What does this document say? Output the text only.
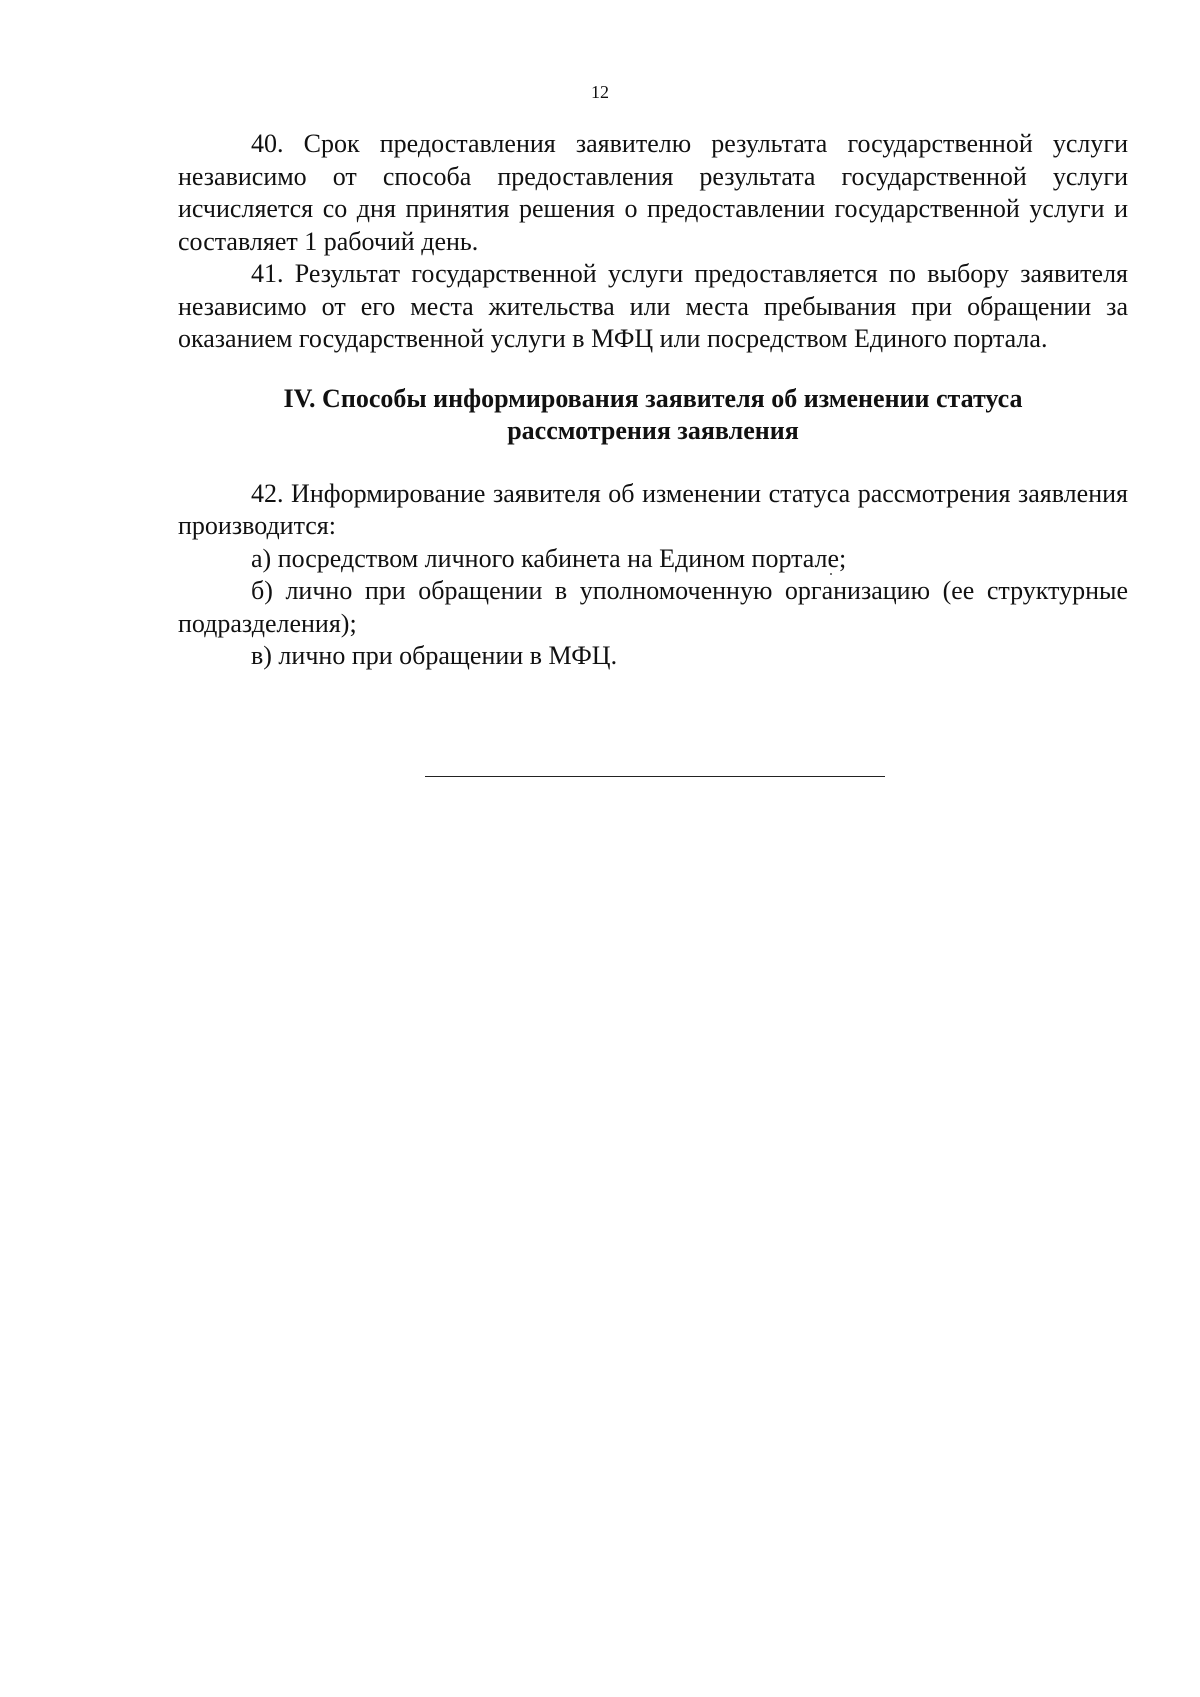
12

40. Срок предоставления заявителю результата государственной услуги независимо от способа предоставления результата государственной услуги исчисляется со дня принятия решения о предоставлении государственной услуги и составляет 1 рабочий день.

41. Результат государственной услуги предоставляется по выбору заявителя независимо от его места жительства или места пребывания при обращении за оказанием государственной услуги в МФЦ или посредством Единого портала.

IV. Способы информирования заявителя об изменении статуса
рассмотрения заявления

42. Информирование заявителя об изменении статуса рассмотрения заявления производится:

а) посредством личного кабинета на Едином портале;

б) лично при обращении в уполномоченную организацию (ее структурные подразделения);

в) лично при обращении в МФЦ.
